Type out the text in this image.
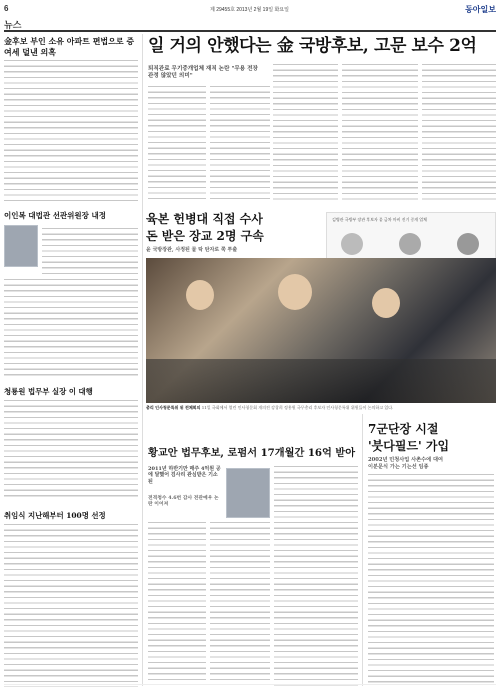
6	제 29455호 2013년 2월 19일 화요일	동아일보
뉴스
金후보 부인 소유 아파트 편법으로 증여세 덜낸 의혹
이인복 대법관 선관위원장 내정
청룡원 법무부 실장 이 대행
취임식 지난해부터 100명 선정
일 거의 안했다는 金 국방후보, 고문 보수 2억
퇴직관료 무기중개업체 재직 논란 "무용 전장관정 않았던 의미"
김병관 국방부 장관 후보자 뭍 금차 마비 진기 중개 업체
육본 헌병대 직접 수사
돈 받은 장교 2명 구속
윤 국방장관, 사정된 뭍 탁 탄자로 쭉 투출
총리 인사청문특위 위 전체회의 11일 국회에서 열린 인사청문회 개의전 강창희 정홍원 국무총리 후보자 인사청문특위 위원들이 논의하고 있다.
7군단장 시절
'붓다필드' 가입
2002년 민청사업 사촌수에 대여
이분문식 가는 기는선 임종
황교안 법무후보, 로펌서 17개월간 16억 받아
2011년 하반기만 매주 4억원 공에 달했어 검사리 관심받은 기소된
전격청수 4.6번 감사 전관예우 논란 이어져
